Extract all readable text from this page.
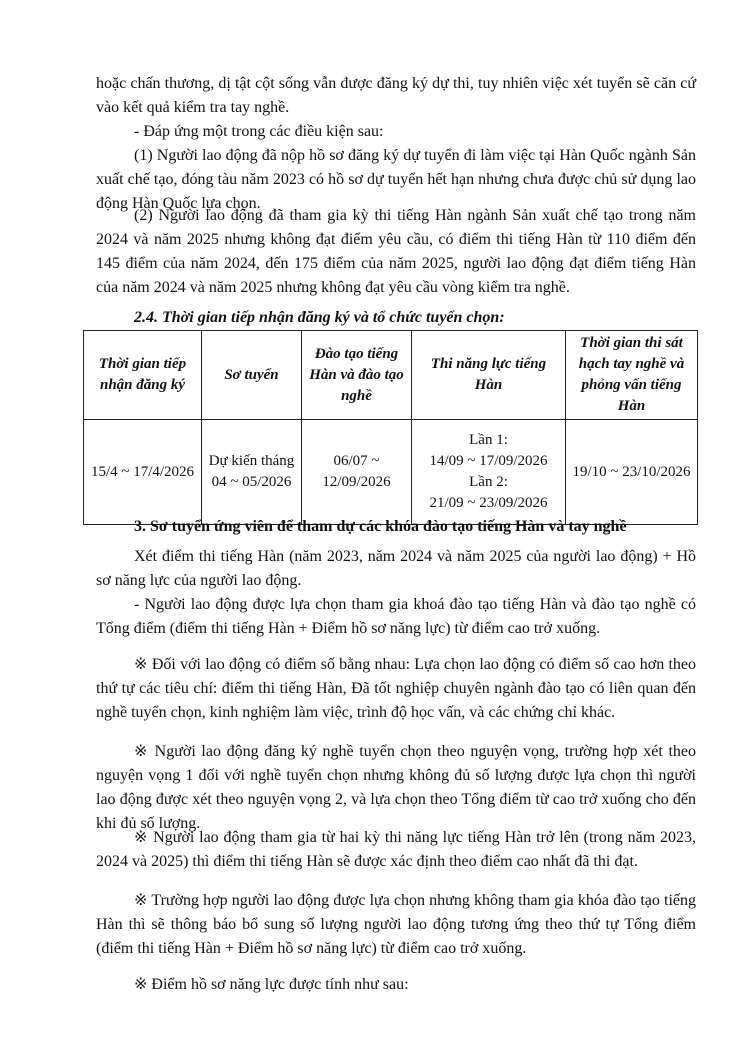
hoặc chấn thương, dị tật cột sống vẫn được đăng ký dự thi, tuy nhiên việc xét tuyển sẽ căn cứ vào kết quả kiểm tra tay nghề.

- Đáp ứng một trong các điều kiện sau:

(1) Người lao động đã nộp hồ sơ đăng ký dự tuyển đi làm việc tại Hàn Quốc ngành Sản xuất chế tạo, đóng tàu năm 2023 có hồ sơ dự tuyển hết hạn nhưng chưa được chủ sử dụng lao động Hàn Quốc lựa chọn.

(2) Người lao động đã tham gia kỳ thi tiếng Hàn ngành Sản xuất chế tạo trong năm 2024 và năm 2025 nhưng không đạt điểm yêu cầu, có điểm thi tiếng Hàn từ 110 điểm đến 145 điểm của năm 2024, đến 175 điểm của năm 2025, người lao động đạt điểm tiếng Hàn của năm 2024 và năm 2025 nhưng không đạt yêu cầu vòng kiểm tra nghề.

2.4. Thời gian tiếp nhận đăng ký và tổ chức tuyển chọn:

Thời gian tiếp nhận đăng ký	Sơ tuyển	Đào tạo tiếng Hàn và đào tạo nghề	Thi năng lực tiếng Hàn	Thời gian thi sát hạch tay nghề và phỏng vấn tiếng Hàn
15/4 ~ 17/4/2026	Dự kiến tháng 04 ~ 05/2026	06/07 ~ 12/09/2026	Lần 1:
14/09 ~ 17/09/2026
Lần 2:
21/09 ~ 23/09/2026	19/10 ~ 23/10/2026

3. Sơ tuyển ứng viên để tham dự các khóa đào tạo tiếng Hàn và tay nghề

Xét điểm thi tiếng Hàn (năm 2023, năm 2024 và năm 2025 của người lao động) + Hồ sơ năng lực của người lao động.

- Người lao động được lựa chọn tham gia khoá đào tạo tiếng Hàn và đào tạo nghề có Tổng điểm (điểm thi tiếng Hàn + Điểm hồ sơ năng lực) từ điểm cao trở xuống.

※ Đối với lao động có điểm số bằng nhau: Lựa chọn lao động có điểm số cao hơn theo thứ tự các tiêu chí: điểm thi tiếng Hàn, Đã tốt nghiệp chuyên ngành đào tạo có liên quan đến nghề tuyển chọn, kinh nghiệm làm việc, trình độ học vấn, và các chứng chỉ khác.

※ Người lao động đăng ký nghề tuyển chọn theo nguyện vọng, trường hợp xét theo nguyện vọng 1 đối với nghề tuyển chọn nhưng không đủ số lượng được lựa chọn thì người lao động được xét theo nguyện vọng 2, và lựa chọn theo Tổng điểm từ cao trở xuống cho đến khi đủ số lượng.

※ Người lao động tham gia từ hai kỳ thi năng lực tiếng Hàn trở lên (trong năm 2023, 2024 và 2025) thì điểm thi tiếng Hàn sẽ được xác định theo điểm cao nhất đã thi đạt.

※ Trường hợp người lao động được lựa chọn nhưng không tham gia khóa đào tạo tiếng Hàn thì sẽ thông báo bổ sung số lượng người lao động tương ứng theo thứ tự Tổng điểm (điểm thi tiếng Hàn + Điểm hồ sơ năng lực) từ điểm cao trở xuống.

※ Điểm hồ sơ năng lực được tính như sau:
